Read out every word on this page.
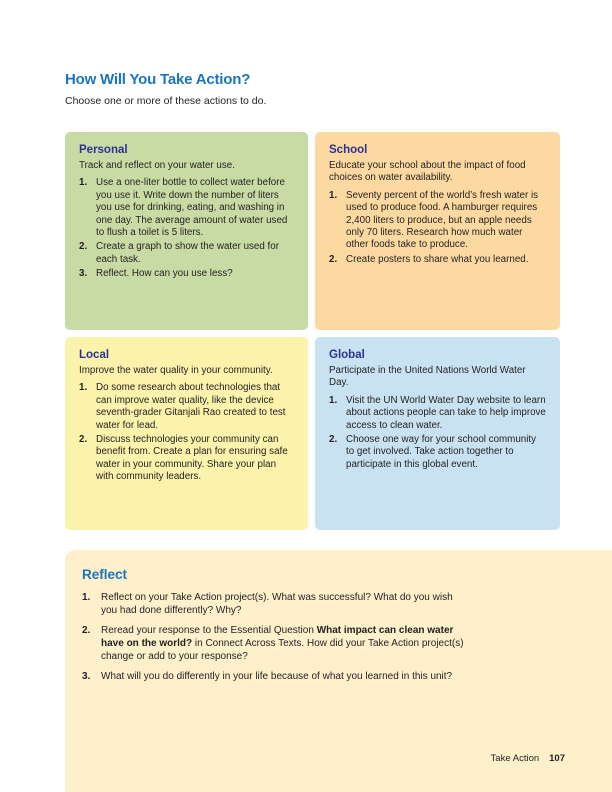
How Will You Take Action?
Choose one or more of these actions to do.
Personal
Track and reflect on your water use.
1. Use a one-liter bottle to collect water before you use it. Write down the number of liters you use for drinking, eating, and washing in one day. The average amount of water used to flush a toilet is 5 liters.
2. Create a graph to show the water used for each task.
3. Reflect. How can you use less?
School
Educate your school about the impact of food choices on water availability.
1. Seventy percent of the world’s fresh water is used to produce food. A hamburger requires 2,400 liters to produce, but an apple needs only 70 liters. Research how much water other foods take to produce.
2. Create posters to share what you learned.
Local
Improve the water quality in your community.
1. Do some research about technologies that can improve water quality, like the device seventh-grader Gitanjali Rao created to test water for lead.
2. Discuss technologies your community can benefit from. Create a plan for ensuring safe water in your community. Share your plan with community leaders.
Global
Participate in the United Nations World Water Day.
1. Visit the UN World Water Day website to learn about actions people can take to help improve access to clean water.
2. Choose one way for your school community to get involved. Take action together to participate in this global event.
Reflect
1.	Reflect on your Take Action project(s). What was successful? What do you wish you had done differently? Why?
2.	Reread your response to the Essential Question What impact can clean water have on the world? in Connect Across Texts. How did your Take Action project(s) change or add to your response?
3.	What will you do differently in your life because of what you learned in this unit?
Take Action 107
